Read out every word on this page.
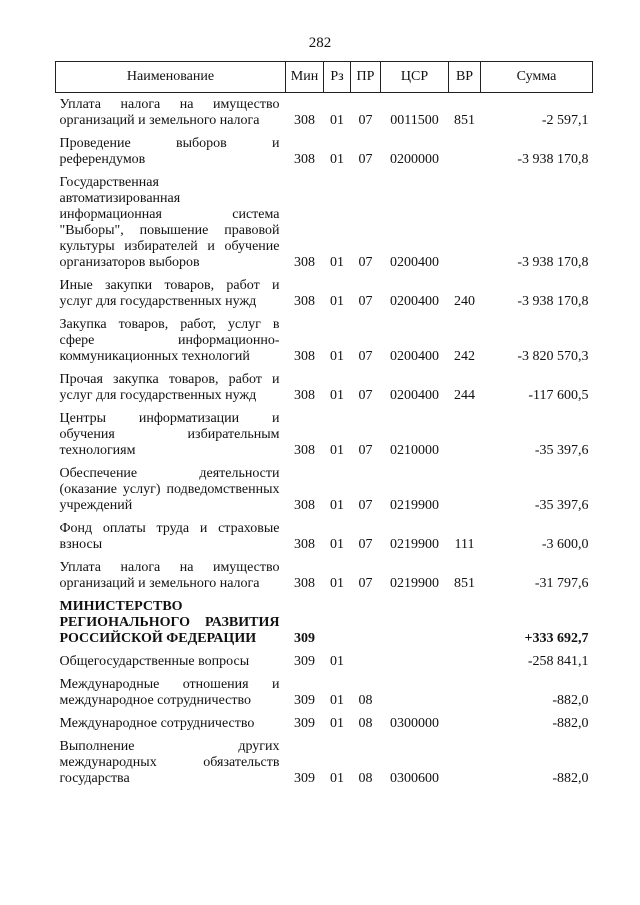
282
Наименование	Мин	Рз	ПР	ЦСР	ВР	Сумма
Уплата налога на имущество организаций и земельного налога	308	01	07	0011500	851	-2 597,1
Проведение выборов и референдумов	308	01	07	0200000		-3 938 170,8
Государственная автоматизированная информационная система "Выборы", повышение правовой культуры избирателей и обучение организаторов выборов	308	01	07	0200400		-3 938 170,8
Иные закупки товаров, работ и услуг для государственных нужд	308	01	07	0200400	240	-3 938 170,8
Закупка товаров, работ, услуг в сфере информационно-коммуникационных технологий	308	01	07	0200400	242	-3 820 570,3
Прочая закупка товаров, работ и услуг для государственных нужд	308	01	07	0200400	244	-117 600,5
Центры информатизации и обучения избирательным технологиям	308	01	07	0210000		-35 397,6
Обеспечение деятельности (оказание услуг) подведомственных учреждений	308	01	07	0219900		-35 397,6
Фонд оплаты труда и страховые взносы	308	01	07	0219900	111	-3 600,0
Уплата налога на имущество организаций и земельного налога	308	01	07	0219900	851	-31 797,6
МИНИСТЕРСТВО РЕГИОНАЛЬНОГО РАЗВИТИЯ РОССИЙСКОЙ ФЕДЕРАЦИИ	309					+333 692,7
Общегосударственные вопросы	309	01				-258 841,1
Международные отношения и международное сотрудничество	309	01	08			-882,0
Международное сотрудничество	309	01	08	0300000		-882,0
Выполнение других международных обязательств государства	309	01	08	0300600		-882,0
